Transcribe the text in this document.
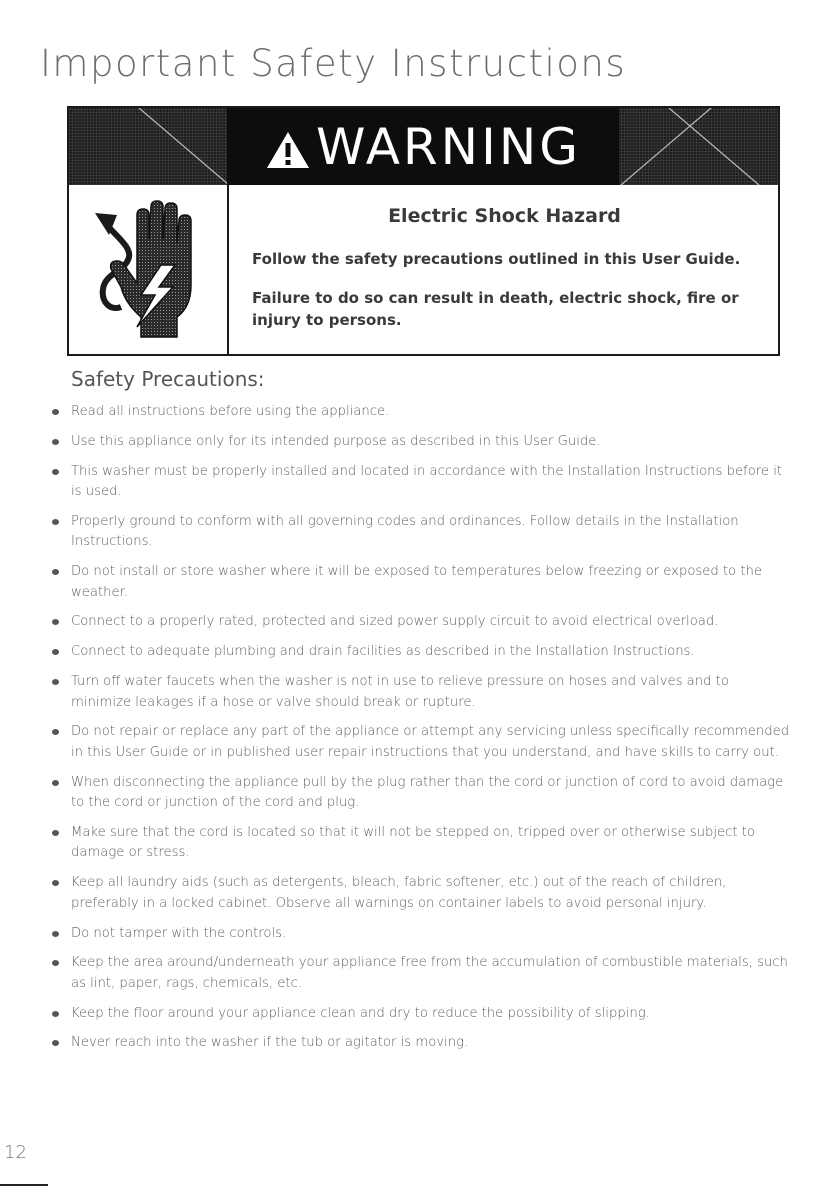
Important Safety Instructions
WARNING
Electric Shock Hazard
Follow the safety precautions outlined in this User Guide.
Failure to do so can result in death, electric shock, fire or injury to persons.
Safety Precautions:
Read all instructions before using the appliance.
Use this appliance only for its intended purpose as described in this User Guide.
This washer must be properly installed and located in accordance with the Installation Instructions before it is used.
Properly ground to conform with all governing codes and ordinances. Follow details in the Installation Instructions.
Do not install or store washer where it will be exposed to temperatures below freezing or exposed to the weather.
Connect to a properly rated, protected and sized power supply circuit to avoid electrical overload.
Connect to adequate plumbing and drain facilities as described in the Installation Instructions.
Turn off water faucets when the washer is not in use to relieve pressure on hoses and valves and to minimize leakages if a hose or valve should break or rupture.
Do not repair or replace any part of the appliance or attempt any servicing unless specifically recommended in this User Guide or in published user repair instructions that you understand, and have skills to carry out.
When disconnecting the appliance pull by the plug rather than the cord or junction of cord to avoid damage to the cord or junction of the cord and plug.
Make sure that the cord is located so that it will not be stepped on, tripped over or otherwise subject to damage or stress.
Keep all laundry aids (such as detergents, bleach, fabric softener, etc.) out of the reach of children, preferably in a locked cabinet. Observe all warnings on container labels to avoid personal injury.
Do not tamper with the controls.
Keep the area around/underneath your appliance free from the accumulation of combustible materials, such as lint, paper, rags, chemicals, etc.
Keep the floor around your appliance clean and dry to reduce the possibility of slipping.
Never reach into the washer if the tub or agitator is moving.
12
